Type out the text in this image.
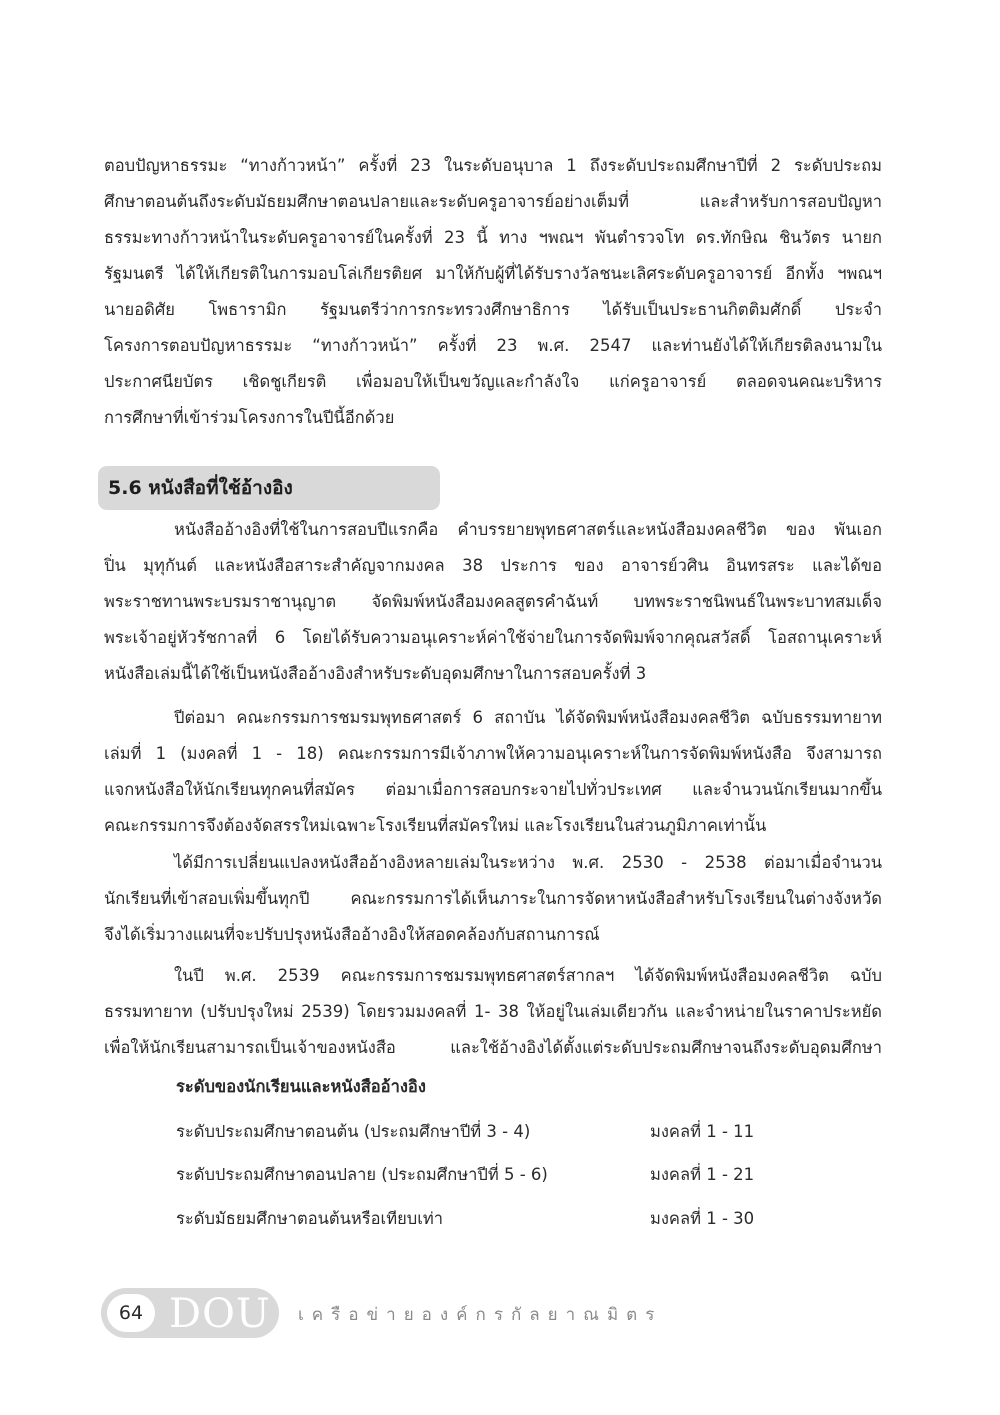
ตอบปัญหาธรรมะ “ทางก้าวหน้า” ครั้งที่ 23 ในระดับอนุบาล 1 ถึงระดับประถมศึกษาปีที่ 2 ระดับประถม
ศึกษาตอนต้นถึงระดับมัธยมศึกษาตอนปลายและระดับครูอาจารย์อย่างเต็มที่ และสำหรับการสอบปัญหา
ธรรมะทางก้าวหน้าในระดับครูอาจารย์ในครั้งที่ 23 นี้ ทาง ฯพณฯ พันตำรวจโท ดร.ทักษิณ ชินวัตร นายก
รัฐมนตรี ได้ให้เกียรติในการมอบโล่เกียรติยศ มาให้กับผู้ที่ได้รับรางวัลชนะเลิศระดับครูอาจารย์ อีกทั้ง ฯพณฯ
นายอดิศัย โพธารามิก รัฐมนตรีว่าการกระทรวงศึกษาธิการ ได้รับเป็นประธานกิตติมศักดิ์ ประจำ
โครงการตอบปัญหาธรรมะ “ทางก้าวหน้า” ครั้งที่ 23 พ.ศ. 2547 และท่านยังได้ให้เกียรติลงนามใน
ประกาศนียบัตร เชิดชูเกียรติ เพื่อมอบให้เป็นขวัญและกำลังใจ แก่ครูอาจารย์ ตลอดจนคณะบริหาร
การศึกษาที่เข้าร่วมโครงการในปีนี้อีกด้วย
5.6 หนังสือที่ใช้อ้างอิง
หนังสืออ้างอิงที่ใช้ในการสอบปีแรกคือ คำบรรยายพุทธศาสตร์และหนังสือมงคลชีวิต ของ พันเอก
ปิ่น มุทุกันต์ และหนังสือสาระสำคัญจากมงคล 38 ประการ ของ อาจารย์วศิน อินทรสระ และได้ขอ
พระราชทานพระบรมราชานุญาต จัดพิมพ์หนังสือมงคลสูตรคำฉันท์ บทพระราชนิพนธ์ในพระบาทสมเด็จ
พระเจ้าอยู่หัวรัชกาลที่ 6 โดยได้รับความอนุเคราะห์ค่าใช้จ่ายในการจัดพิมพ์จากคุณสวัสดิ์ โอสถานุเคราะห์
หนังสือเล่มนี้ได้ใช้เป็นหนังสืออ้างอิงสำหรับระดับอุดมศึกษาในการสอบครั้งที่ 3
ปีต่อมา คณะกรรมการชมรมพุทธศาสตร์ 6 สถาบัน ได้จัดพิมพ์หนังสือมงคลชีวิต ฉบับธรรมทายาท
เล่มที่ 1 (มงคลที่ 1 - 18) คณะกรรมการมีเจ้าภาพให้ความอนุเคราะห์ในการจัดพิมพ์หนังสือ จึงสามารถ
แจกหนังสือให้นักเรียนทุกคนที่สมัคร ต่อมาเมื่อการสอบกระจายไปทั่วประเทศ และจำนวนนักเรียนมากขึ้น
คณะกรรมการจึงต้องจัดสรรใหม่เฉพาะโรงเรียนที่สมัครใหม่ และโรงเรียนในส่วนภูมิภาคเท่านั้น
ได้มีการเปลี่ยนแปลงหนังสืออ้างอิงหลายเล่มในระหว่าง พ.ศ. 2530 - 2538 ต่อมาเมื่อจำนวน
นักเรียนที่เข้าสอบเพิ่มขึ้นทุกปี คณะกรรมการได้เห็นภาระในการจัดหาหนังสือสำหรับโรงเรียนในต่างจังหวัด
จึงได้เริ่มวางแผนที่จะปรับปรุงหนังสืออ้างอิงให้สอดคล้องกับสถานการณ์
ในปี พ.ศ. 2539 คณะกรรมการชมรมพุทธศาสตร์สากลฯ ได้จัดพิมพ์หนังสือมงคลชีวิต ฉบับ
ธรรมทายาท (ปรับปรุงใหม่ 2539) โดยรวมมงคลที่ 1- 38 ให้อยู่ในเล่มเดียวกัน และจำหน่ายในราคาประหยัด
เพื่อให้นักเรียนสามารถเป็นเจ้าของหนังสือ และใช้อ้างอิงได้ตั้งแต่ระดับประถมศึกษาจนถึงระดับอุดมศึกษา
ระดับของนักเรียนและหนังสืออ้างอิง
ระดับประถมศึกษาตอนต้น (ประถมศึกษาปีที่ 3 - 4)	มงคลที่ 1 - 11
ระดับประถมศึกษาตอนปลาย (ประถมศึกษาปีที่ 5 - 6)	มงคลที่ 1 - 21
ระดับมัธยมศึกษาตอนต้นหรือเทียบเท่า	มงคลที่ 1 - 30
64 DOU เครือข่ายองค์กรกัลยาณมิตร
